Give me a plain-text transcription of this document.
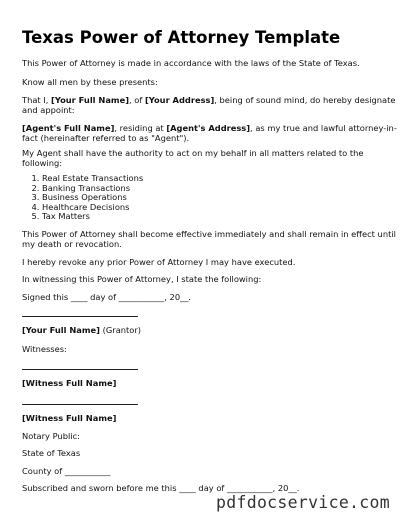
Texas Power of Attorney Template
This Power of Attorney is made in accordance with the laws of the State of Texas.
Know all men by these presents:
That I, [Your Full Name], of [Your Address], being of sound mind, do hereby designate
and appoint:
[Agent's Full Name], residing at [Agent's Address], as my true and lawful attorney-in-
fact (hereinafter referred to as "Agent").
My Agent shall have the authority to act on my behalf in all matters related to the
following:
1. Real Estate Transactions
2. Banking Transactions
3. Business Operations
4. Healthcare Decisions
5. Tax Matters
This Power of Attorney shall become effective immediately and shall remain in effect until
my death or revocation.
I hereby revoke any prior Power of Attorney I may have executed.
In witnessing this Power of Attorney, I state the following:
Signed this ____ day of ___________, 20__.
[Your Full Name] (Grantor)
Witnesses:
[Witness Full Name]
[Witness Full Name]
Notary Public:
State of Texas
County of ___________
Subscribed and sworn before me this ____ day of ___________, 20__.
pdfdocservice.com
